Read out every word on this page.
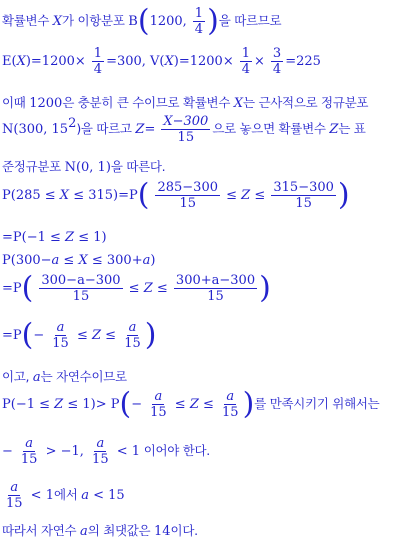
확률변수 X가 이항분포 B(1200, $\frac{1}{4}$ )을 따르므로
$E(X)=1200\times \frac{1}{4} =300$, $V(X)=1200\times \frac{1}{4} \times \frac{3}{4} =225$
이때 1200은 충분히 큰 수이므로 확률변수 X는 근사적으로 정규분포
N(300, $15^2$)을 따르고 $Z= \frac{X-300}{15}$ 으로 놓으면 확률변수 Z는 표
준정규분포 N(0, 1)을 따른다.
$P(285 \le X \le 315)=P( \frac{285-300}{15} \le Z \le \frac{315-300}{15}$ )
=P(−1 ≤ Z ≤ 1)
P(300−a ≤ X ≤ 300+a)
$=P( \frac{300-a-300}{15} \le Z \le \frac{300+a-300}{15}$ )
$=P(- \frac{a}{15} \le Z \le \frac{a}{15}$ )
이고, a는 자연수이므로
$P(-1 \le Z \le 1)> P(- \frac{a}{15} \le Z \le \frac{a}{15}$ )를 만족시키기 위해서는
− $\frac{a}{15} > -1$, $\frac{a}{15} < 1$ 이어야 한다.
$\frac{a}{15} < 1$에서 a < 15
따라서 자연수 a의 최댓값은 14이다.
